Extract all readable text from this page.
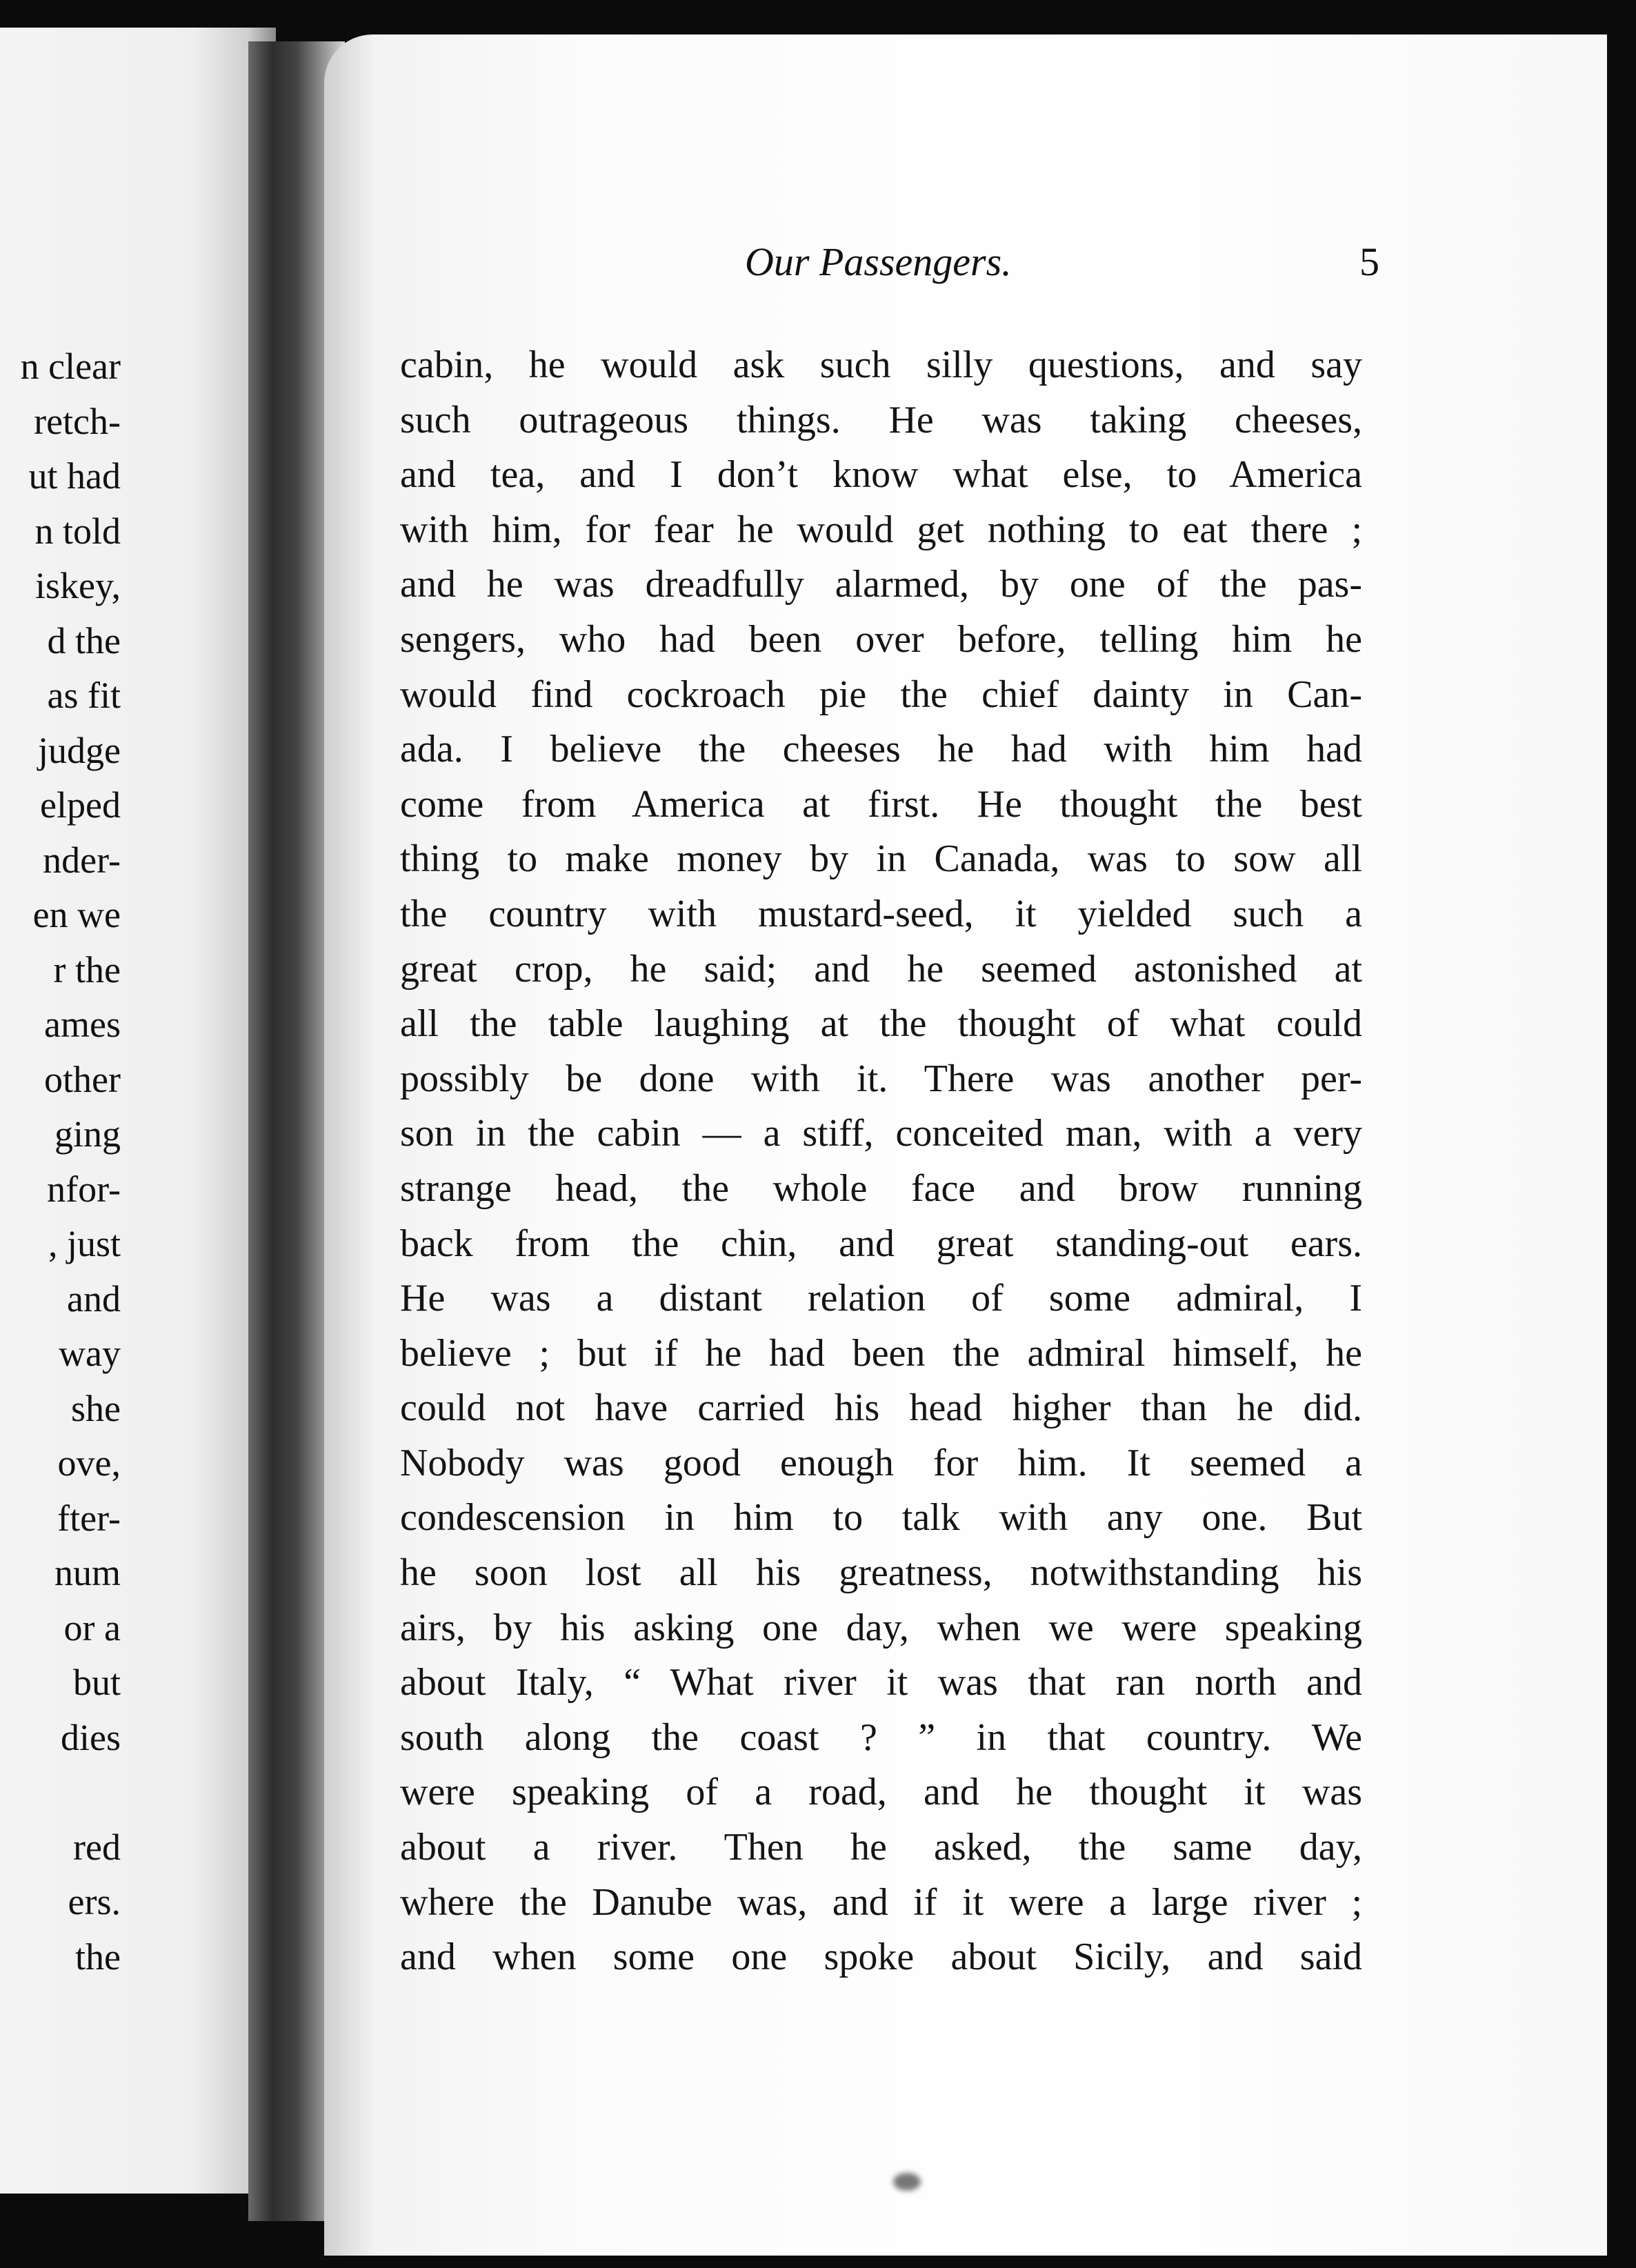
n clear
retch-
ut had
n told
iskey,
d the
as fit
judge
elped
nder-
en we
r the
ames
other
ging
nfor-
, just
and
way
she
ove,
fter-
num
or a
but
dies
red
ers.
the
Our Passengers.	5
cabin, he would ask such silly questions, and say
such outrageous things. He was taking cheeses,
and tea, and I don’t know what else, to America
with him, for fear he would get nothing to eat there ;
and he was dreadfully alarmed, by one of the pas-
sengers, who had been over before, telling him he
would find cockroach pie the chief dainty in Can-
ada. I believe the cheeses he had with him had
come from America at first. He thought the best
thing to make money by in Canada, was to sow all
the country with mustard-seed, it yielded such a
great crop, he said; and he seemed astonished at
all the table laughing at the thought of what could
possibly be done with it. There was another per-
son in the cabin — a stiff, conceited man, with a very
strange head, the whole face and brow running
back from the chin, and great standing-out ears.
He was a distant relation of some admiral, I
believe ; but if he had been the admiral himself, he
could not have carried his head higher than he did.
Nobody was good enough for him. It seemed a
condescension in him to talk with any one. But
he soon lost all his greatness, notwithstanding his
airs, by his asking one day, when we were speaking
about Italy, “ What river it was that ran north and
south along the coast ? ” in that country. We
were speaking of a road, and he thought it was
about a river. Then he asked, the same day,
where the Danube was, and if it were a large river ;
and when some one spoke about Sicily, and said
